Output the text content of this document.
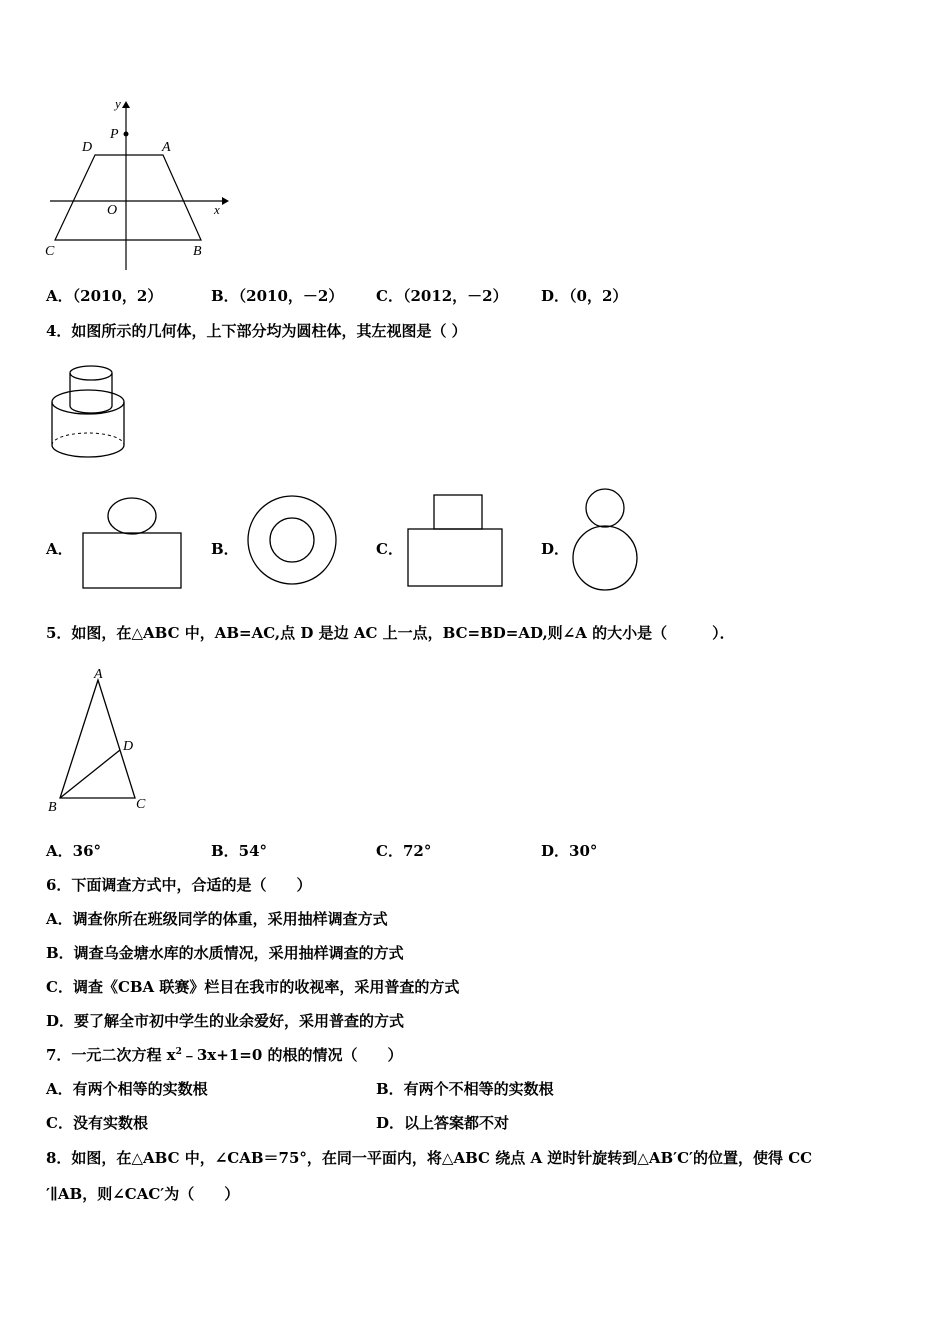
y
x
P
D	A
O
C	B
A．（2010，2）	B．（2010，－2） C．（2012，－2） D．（0，2）
4．如图所示的几何体，上下部分均为圆柱体，其左视图是（ ）
A．	B．	C．	D．
5．如图，在△ABC 中，AB=AC,点 D 是边 AC 上一点，BC=BD=AD,则∠A 的大小是（　　　）．
A
D
B	C
A．36°	B．54°	C．72°	D．30°
6．下面调查方式中，合适的是（　　）
A．调查你所在班级同学的体重，采用抽样调查方式
B．调查乌金塘水库的水质情况，采用抽样调查的方式
C．调查《CBA 联赛》栏目在我市的收视率，采用普查的方式
D．要了解全市初中学生的业余爱好，采用普查的方式
7．一元二次方程 $x^2﹣3x+1=0$ 的根的情况（　　）
A．有两个相等的实数根	B．有两个不相等的实数根
C．没有实数根	D．以上答案都不对
8．如图，在△ABC 中，∠CAB＝75°，在同一平面内，将△ABC 绕点 A 逆时针旋转到△AB′C′的位置，使得 CC
′∥AB，则∠CAC′为（　　）
